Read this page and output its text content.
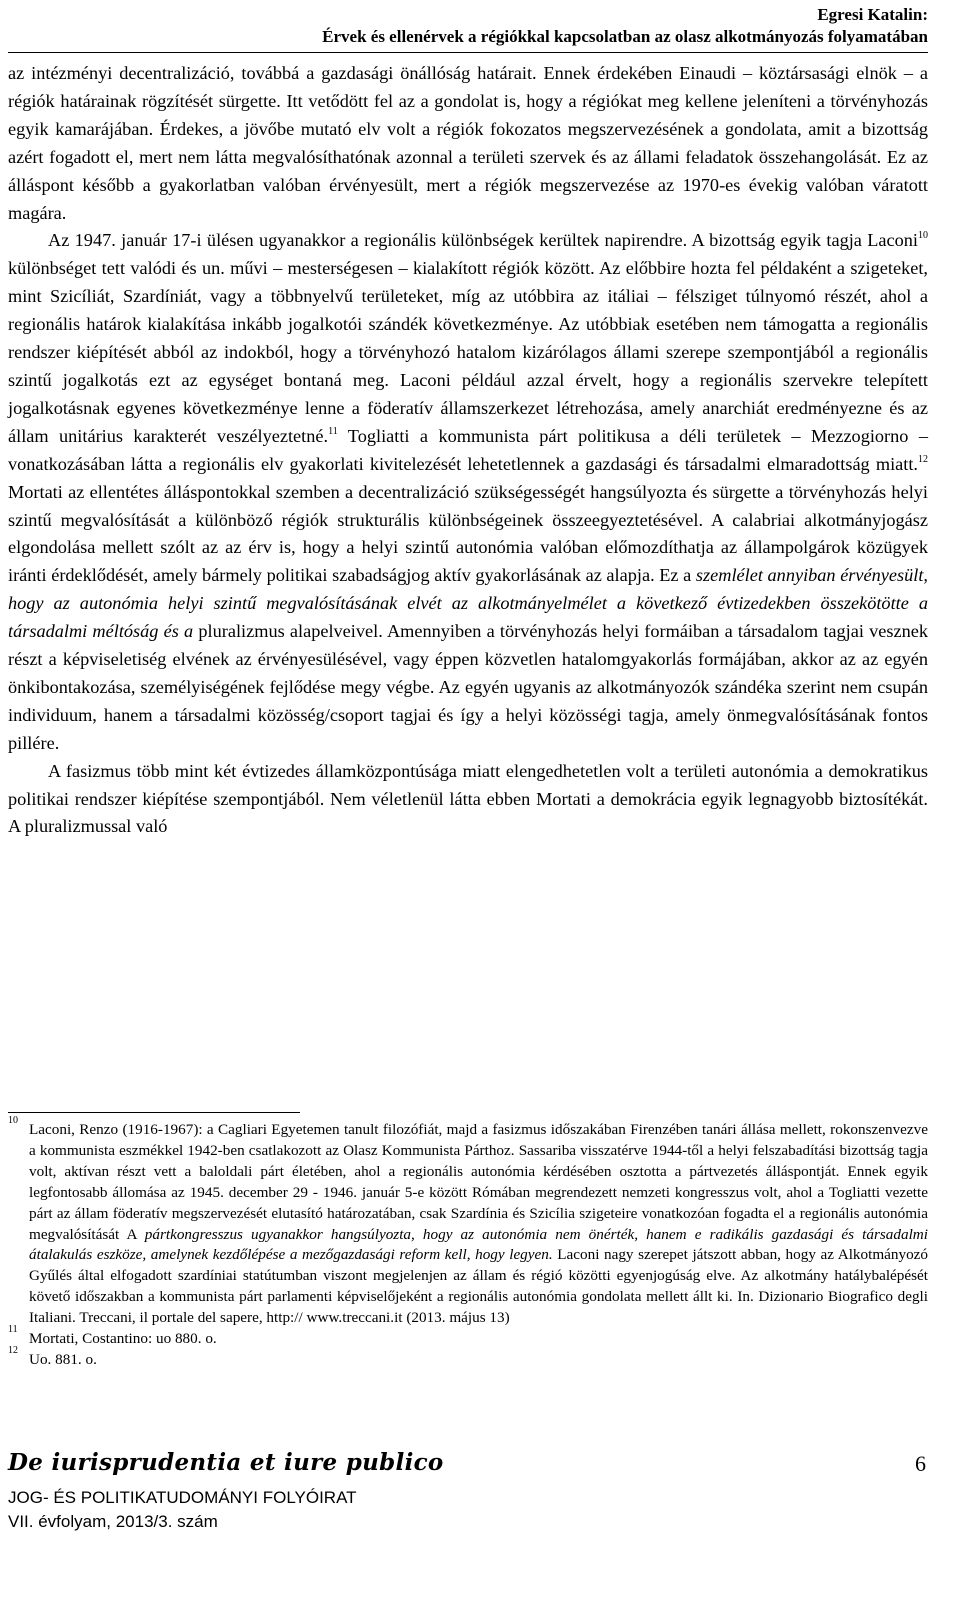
Egresi Katalin:
Érvek és ellenérvek a régiókkal kapcsolatban az olasz alkotmányozás folyamatában

az intézményi decentralizáció, továbbá a gazdasági önállóság határait. Ennek érdekében Einaudi – köztársasági elnök – a régiók határainak rögzítését sürgette. Itt vetődött fel az a gondolat is, hogy a régiókat meg kellene jeleníteni a törvényhozás egyik kamarájában. Érdekes, a jövőbe mutató elv volt a régiók fokozatos megszervezésének a gondolata, amit a bizottság azért fogadott el, mert nem látta megvalósíthatónak azonnal a területi szervek és az állami feladatok összehangolását. Ez az álláspont később a gyakorlatban valóban érvényesült, mert a régiók megszervezése az 1970-es évekig valóban váratott magára.

Az 1947. január 17-i ülésen ugyanakkor a regionális különbségek kerültek napirendre. A bizottság egyik tagja Laconi$^{10}$ különbséget tett valódi és un. művi – mesterségesen – kialakított régiók között. Az előbbire hozta fel példaként a szigeteket, mint Szicíliát, Szardíniát, vagy a többnyelvű területeket, míg az utóbbira az itáliai – félsziget túlnyomó részét, ahol a regionális határok kialakítása inkább jogalkotói szándék következménye. Az utóbbiak esetében nem támogatta a regionális rendszer kiépítését abból az indokból, hogy a törvényhozó hatalom kizárólagos állami szerepe szempontjából a regionális szintű jogalkotás ezt az egységet bontaná meg. Laconi például azzal érvelt, hogy a regionális szervekre telepített jogalkotásnak egyenes következménye lenne a föderatív államszerkezet létrehozása, amely anarchiát eredményezne és az állam unitárius karakterét veszélyeztetné.$^{11}$ Togliatti a kommunista párt politikusa a déli területek – Mezzogiorno – vonatkozásában látta a regionális elv gyakorlati kivitelezését lehetetlennek a gazdasági és társadalmi elmaradottság miatt.$^{12}$ Mortati az ellentétes álláspontokkal szemben a decentralizáció szükségességét hangsúlyozta és sürgette a törvényhozás helyi szintű megvalósítását a különböző régiók strukturális különbségeinek összeegyeztetésével. A calabriai alkotmányjogász elgondolása mellett szólt az az érv is, hogy a helyi szintű autonómia valóban előmozdíthatja az állampolgárok közügyek iránti érdeklődését, amely bármely politikai szabadságjog aktív gyakorlásának az alapja. Ez a szemlélet annyiban érvényesült, hogy az autonómia helyi szintű megvalósításának elvét az alkotmányelmélet a következő évtizedekben összekötötte a társadalmi méltóság és a pluralizmus alapelveivel. Amennyiben a törvényhozás helyi formáiban a társadalom tagjai vesznek részt a képviseletiség elvének az érvényesülésével, vagy éppen közvetlen hatalomgyakorlás formájában, akkor az az egyén önkibontakozása, személyiségének fejlődése megy végbe. Az egyén ugyanis az alkotmányozók szándéka szerint nem csupán individuum, hanem a társadalmi közösség/csoport tagjai és így a helyi közösségi tagja, amely önmegvalósításának fontos pillére.

A fasizmus több mint két évtizedes államközpontúsága miatt elengedhetetlen volt a területi autonómia a demokratikus politikai rendszer kiépítése szempontjából. Nem véletlenül látta ebben Mortati a demokrácia egyik legnagyobb biztosítékát. A pluralizmussal való

10
Laconi, Renzo (1916-1967): a Cagliari Egyetemen tanult filozófiát, majd a fasizmus időszakában Firenzében tanári állása mellett, rokonszenvezve a kommunista eszmékkel 1942-ben csatlakozott az Olasz Kommunista Párthoz. Sassariba visszatérve 1944-től a helyi felszabadítási bizottság tagja volt, aktívan részt vett a baloldali párt életében, ahol a regionális autonómia kérdésében osztotta a pártvezetés álláspontját. Ennek egyik legfontosabb állomása az 1945. december 29 - 1946. január 5-e között Rómában megrendezett nemzeti kongresszus volt, ahol a Togliatti vezette párt az állam föderatív megszervezését elutasító határozatában, csak Szardínia és Szicília szigeteire vonatkozóan fogadta el a regionális autonómia megvalósítását A pártkongresszus ugyanakkor hangsúlyozta, hogy az autonómia nem önérték, hanem e radikális gazdasági és társadalmi átalakulás eszköze, amelynek kezdőlépése a mezőgazdasági reform kell, hogy legyen. Laconi nagy szerepet játszott abban, hogy az Alkotmányozó Gyűlés által elfogadott szardíniai statútumban viszont megjelenjen az állam és régió közötti egyenjogúság elve. Az alkotmány hatálybalépését követő időszakban a kommunista párt parlamenti képviselőjeként a regionális autonómia gondolata mellett állt ki. In. Dizionario Biografico degli Italiani. Treccani, il portale del sapere, http:// www.treccani.it (2013. május 13)

11
Mortati, Costantino: uo 880. o.

12
Uo. 881. o.

De iurisprudentia et iure publico	6
JOG- ÉS POLITIKATUDOMÁNYI FOLYÓIRAT
VII. évfolyam, 2013/3. szám
